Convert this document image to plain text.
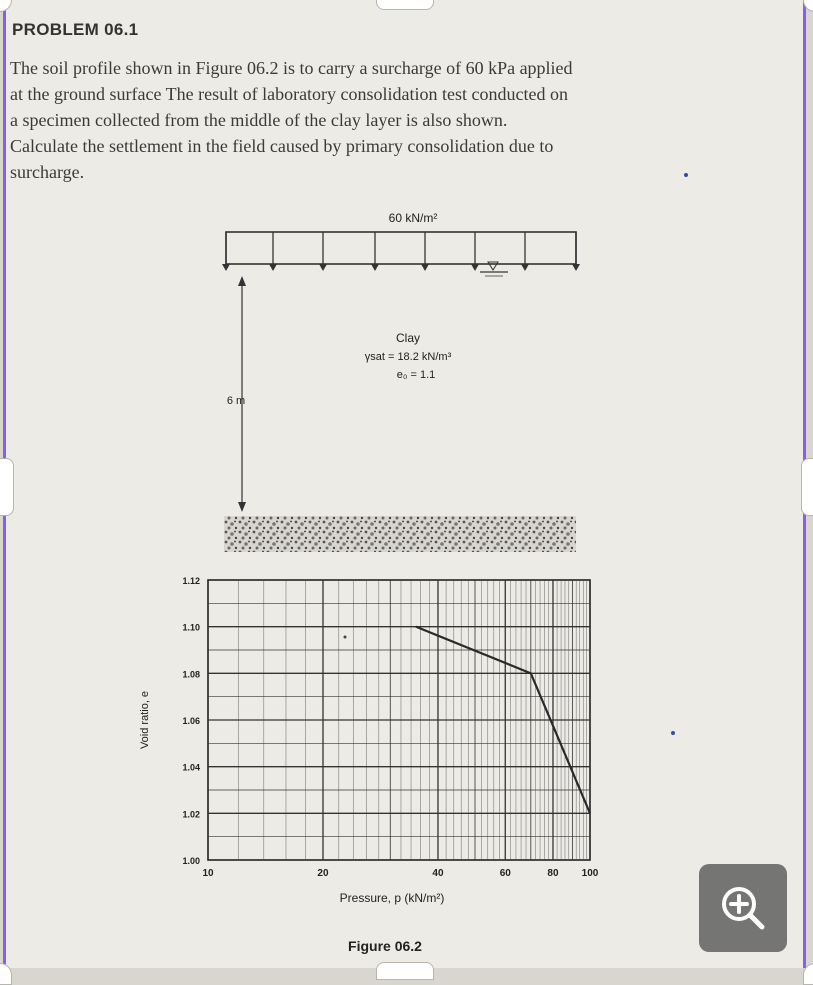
PROBLEM 06.1
The soil profile shown in Figure 06.2 is to carry a surcharge of 60 kPa applied
at the ground surface The result of laboratory consolidation test conducted on
a specimen collected from the middle of the clay layer is also shown.
Calculate the settlement in the field caused by primary consolidation due to
surcharge.
60 kN/m²
Clay
γsat = 18.2 kN/m³
e₀ = 1.1
6 m
1.00
1.02
1.04
1.06
1.08
1.10
1.12
10	20	40	60	80 100
Void ratio, e
Pressure, p (kN/m²)
Figure 06.2
